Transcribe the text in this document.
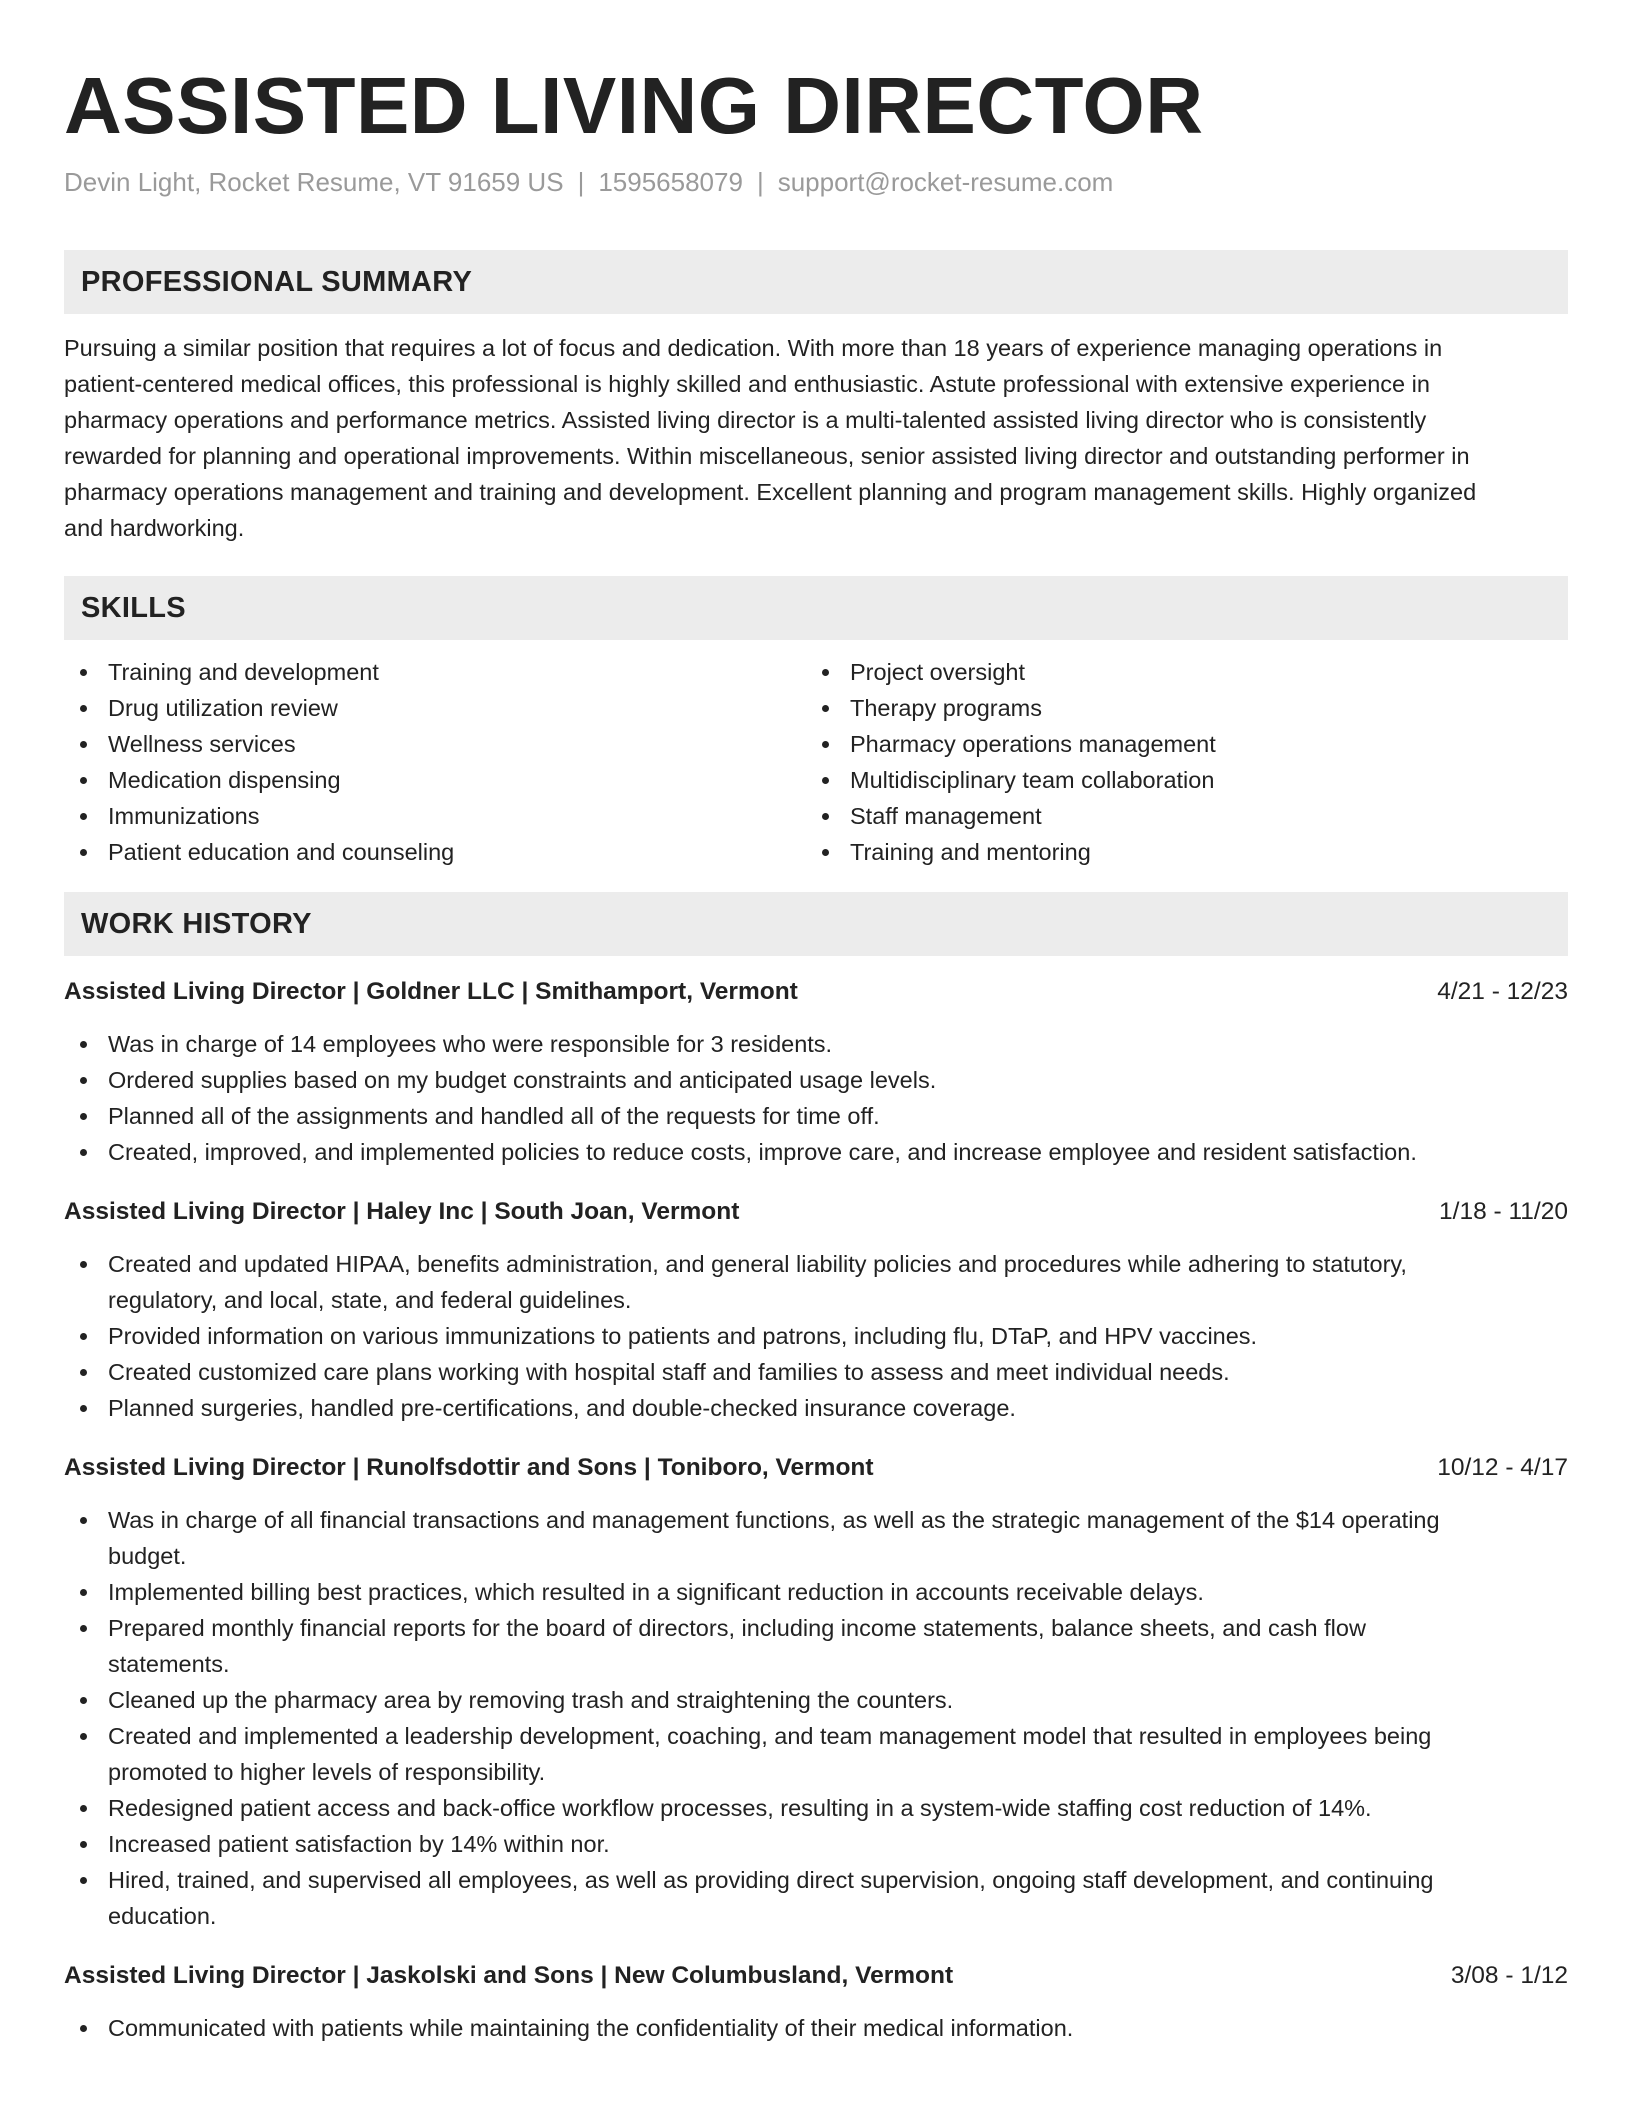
ASSISTED LIVING DIRECTOR
Devin Light, Rocket Resume, VT 91659 US | 1595658079 | support@rocket-resume.com
PROFESSIONAL SUMMARY
Pursuing a similar position that requires a lot of focus and dedication. With more than 18 years of experience managing operations in
patient-centered medical offices, this professional is highly skilled and enthusiastic. Astute professional with extensive experience in
pharmacy operations and performance metrics. Assisted living director is a multi-talented assisted living director who is consistently
rewarded for planning and operational improvements. Within miscellaneous, senior assisted living director and outstanding performer in
pharmacy operations management and training and development. Excellent planning and program management skills. Highly organized
and hardworking.
SKILLS
Training and development
Drug utilization review
Wellness services
Medication dispensing
Immunizations
Patient education and counseling
Project oversight
Therapy programs
Pharmacy operations management
Multidisciplinary team collaboration
Staff management
Training and mentoring
WORK HISTORY
Assisted Living Director | Goldner LLC | Smithamport, Vermont	4/21 - 12/23
Was in charge of 14 employees who were responsible for 3 residents.
Ordered supplies based on my budget constraints and anticipated usage levels.
Planned all of the assignments and handled all of the requests for time off.
Created, improved, and implemented policies to reduce costs, improve care, and increase employee and resident satisfaction.
Assisted Living Director | Haley Inc | South Joan, Vermont	1/18 - 11/20
Created and updated HIPAA, benefits administration, and general liability policies and procedures while adhering to statutory,
regulatory, and local, state, and federal guidelines.
Provided information on various immunizations to patients and patrons, including flu, DTaP, and HPV vaccines.
Created customized care plans working with hospital staff and families to assess and meet individual needs.
Planned surgeries, handled pre-certifications, and double-checked insurance coverage.
Assisted Living Director | Runolfsdottir and Sons | Toniboro, Vermont	10/12 - 4/17
Was in charge of all financial transactions and management functions, as well as the strategic management of the $14 operating
budget.
Implemented billing best practices, which resulted in a significant reduction in accounts receivable delays.
Prepared monthly financial reports for the board of directors, including income statements, balance sheets, and cash flow
statements.
Cleaned up the pharmacy area by removing trash and straightening the counters.
Created and implemented a leadership development, coaching, and team management model that resulted in employees being
promoted to higher levels of responsibility.
Redesigned patient access and back-office workflow processes, resulting in a system-wide staffing cost reduction of 14%.
Increased patient satisfaction by 14% within nor.
Hired, trained, and supervised all employees, as well as providing direct supervision, ongoing staff development, and continuing
education.
Assisted Living Director | Jaskolski and Sons | New Columbusland, Vermont	3/08 - 1/12
Communicated with patients while maintaining the confidentiality of their medical information.
